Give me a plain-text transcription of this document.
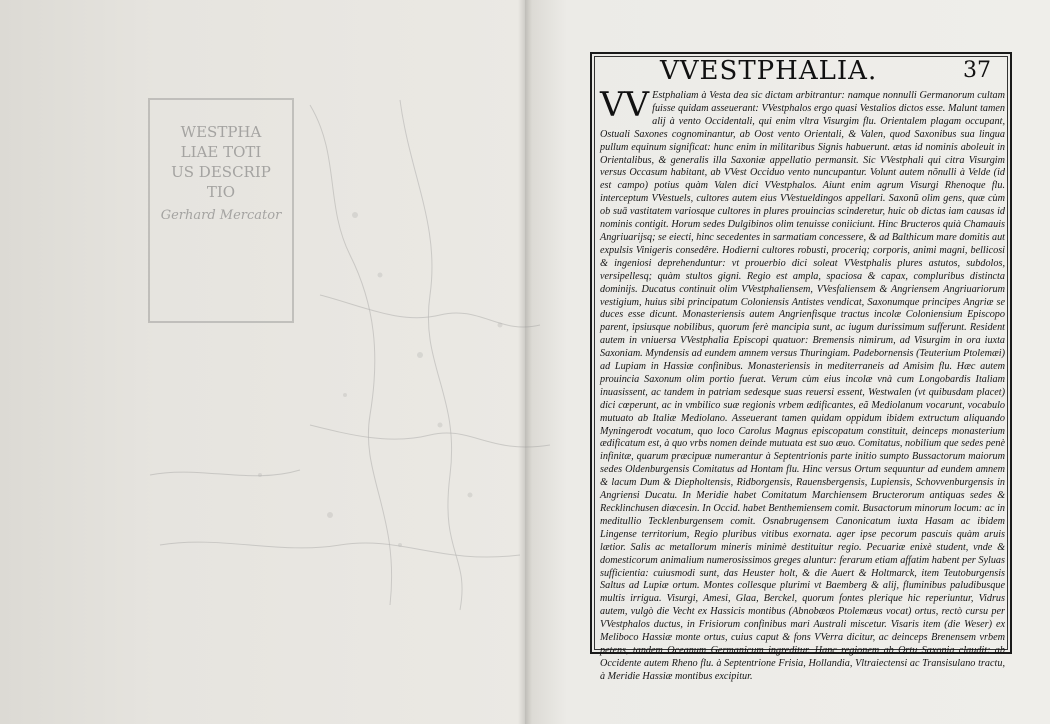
WESTPHA
LIAE TOTI
US DESCRIP
TIO
Gerhard Mercator
VVESTPHALIA.	37
VV Estphaliam à Vesta dea sic dictam arbitrantur: namque nonnulli Germanorum cultam fuisse quidam asseuerant: VVestphalos ergo quasi Vestalios dictos esse. Malunt tamen alij à vento Occidentali, qui enim vltra Visurgim flu. Orientalem plagam occupant, Ostuali Saxones cognominantur, ab Oost vento Orientali, & Valen, quod Saxonibus sua lingua pullum equinum significat: hunc enim in militaribus Signis habuerunt. ætas id nominis aboleuit in Orientalibus, & generalis illa Saxoniæ appellatio permansit. Sic VVestphali qui citra Visurgim versus Occasum habitant, ab VVest Occiduo vento nuncupantur. Volunt autem nõnulli à Velde (id est campo) potius quàm Valen dici VVestphalos. Aiunt enim agrum Visurgi Rhenoque flu. interceptum VVestuels, cultores autem eius VVestueldingos appellari. Saxonũ olim gens, quæ cùm ob suā vastitatem variosque cultores in plures prouincias scinderetur, huic ob dictas iam causas id nominis contigit. Horum sedes Dulgibinos olim tenuisse coniiciunt. Hinc Bructeros quià Chamauis Angriuarijsq; se eiecti, hinc secedentes in sarmatiam concessere, & ad Balthicum mare domitis aut expulsis Vinigeris consedêre. Hodierni cultores robusti, proceriq; corporis, animi magni, bellicosi & ingeniosi deprehenduntur: vt prouerbio dici soleat VVestphalis plures astutos, subdolos, versipellesq; quàm stultos gigni. Regio est ampla, spaciosa & capax, compluribus distincta dominijs. Ducatus continuit olim VVestphaliensem, VVesfaliensem & Angriensem Angriuariorum vestigium, huius sibi principatum Coloniensis Antistes vendicat, Saxonumque principes Angriæ se duces esse dicunt. Monasteriensis autem Angrienfisque tractus incolæ Coloniensium Episcopo parent, ipsiusque nobilibus, quorum ferè mancipia sunt, ac iugum durissimum sufferunt. Resident autem in vniuersa VVestphalia Episcopi quatuor: Bremensis nimirum, ad Visurgim in ora iuxta Saxoniam. Myndensis ad eundem amnem versus Thuringiam. Padebornensis (Teuterium Ptolemæi) ad Lupiam in Hassiæ confinibus. Monasteriensis in mediterraneis ad Amisim flu. Hæc autem prouincia Saxonum olim portio fuerat. Verum cùm eius incolæ vnà cum Longobardis Italiam inuasissent, ac tandem in patriam sedesque suas reuersi essent, Westwalen (vt quibusdam placet) dici cœperunt, ac in vmbilico suæ regionis vrbem ædificantes, eã Mediolanum vocarunt, vocabulo mutuato ab Italiæ Mediolano. Asseuerant tamen quidam oppidum ibidem extructum aliquando Myningerodt vocatum, quo loco Carolus Magnus episcopatum constituit, deinceps monasterium ædificatum est, à quo vrbs nomen deinde mutuata est suo æuo. Comitatus, nobilium que sedes penè infinitæ, quarum præcipuæ numerantur à Septentrionis parte initio sumpto Bussactorum maiorum sedes Oldenburgensis Comitatus ad Hontam flu. Hinc versus Ortum sequuntur ad eundem amnem & lacum Dum & Diepholtensis, Ridborgensis, Rauensbergensis, Lupiensis, Schovvenburgensis in Angriensi Ducatu. In Meridie habet Comitatum Marchiensem Bructerorum antiquas sedes & Recklinchusen diœcesin. In Occid. habet Benthemiensem comit. Busactorum minorum locum: ac in meditullio Tecklenburgensem comit. Osnabrugensem Canonicatum iuxta Hasam ac ibidem Lingense territorium, Regio pluribus vitibus exornata. ager ipse pecorum pascuis quàm aruis lætior. Salis ac metallorum mineris minimè destituitur regio. Pecuariæ enixè student, vnde & domesticorum animalium numerosissimos greges aluntur: ferarum etiam affatim habent per Syluas sufficientia: cuiusmodi sunt, das Heuster holt, & die Auert & Holtmarck, item Teutoburgensis Saltus ad Lupiæ ortum. Montes collesque plurimi vt Baemberg & alij, fluminibus paludibusque multis irrigua. Visurgi, Amesi, Glaa, Berckel, quorum fontes plerique hic reperiuntur, Vidrus autem, vulgò die Vecht ex Hassicis montibus (Abnobæos Ptolemæus vocat) ortus, rectò cursu per VVestphalos ductus, in Frisiorum confinibus mari Australi miscetur. Visaris item (die Weser) ex Meliboco Hassiæ monte ortus, cuius caput & fons VVerra dicitur, ac deinceps Brenensem vrbem petens, tandem Oceanum Germanicum ingreditur. Hanc regionem ab Ortu Saxonia claudit: ab Occidente autem Rheno flu. à Septentrione Frisia, Hollandia, Vltraiectensi ac Transisulano tractu, à Meridie Hassiæ montibus excipitur.
